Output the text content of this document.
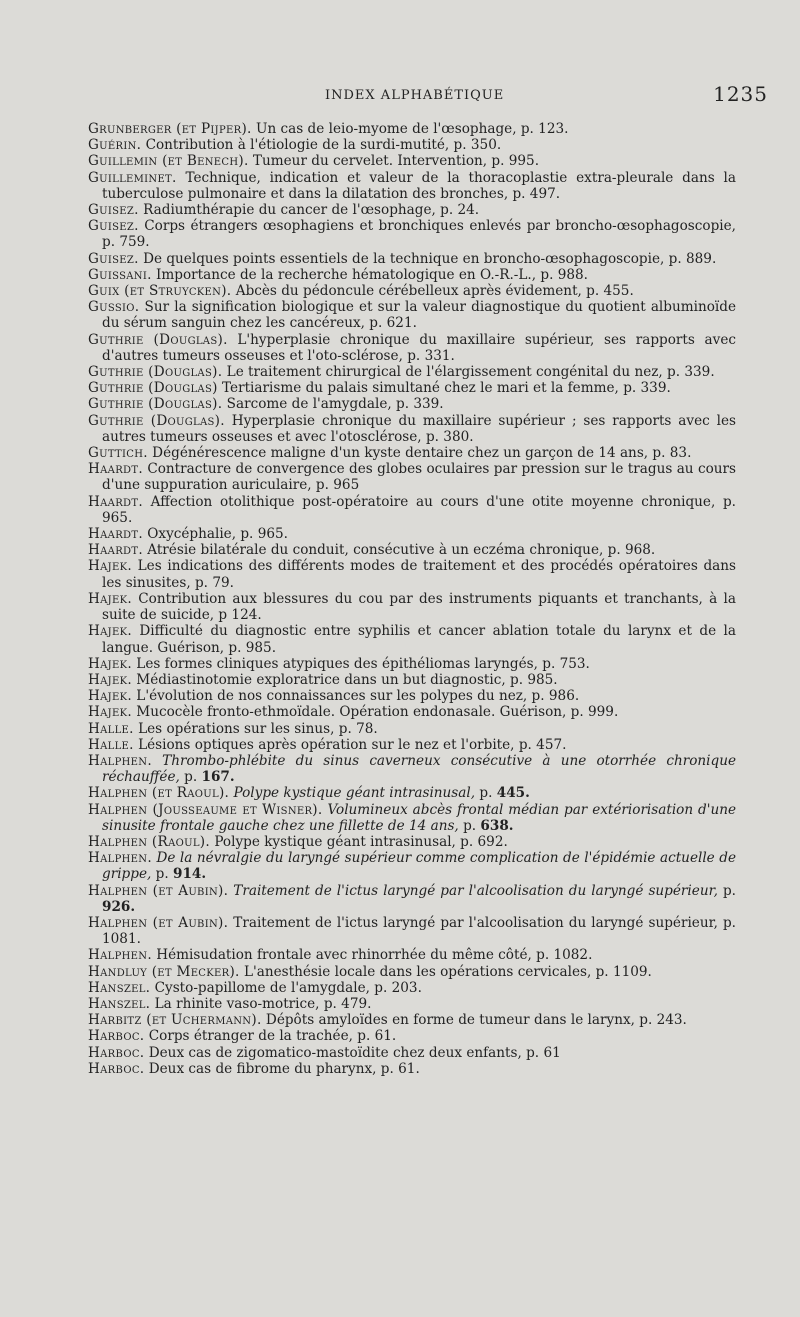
INDEX ALPHABÉTIQUE	1235

Grunberger (et Pijper). Un cas de leio-myome de l'œsophage, p. 123.

Guérin. Contribution à l'étiologie de la surdi-mutité, p. 350.

Guillemin (et Benech). Tumeur du cervelet. Intervention, p. 995.

Guilleminet. Technique, indication et valeur de la thoracoplastie extra-pleurale dans la tuberculose pulmonaire et dans la dilatation des bronches, p. 497.

Guisez. Radiumthérapie du cancer de l'œsophage, p. 24.

Guisez. Corps étrangers œsophagiens et bronchiques enlevés par broncho-œsophagoscopie, p. 759.

Guisez. De quelques points essentiels de la technique en broncho-œsophagoscopie, p. 889.

Guissani. Importance de la recherche hématologique en O.-R.-L., p. 988.

Guix (et Struycken). Abcès du pédoncule cérébelleux après évidement, p. 455.

Gussio. Sur la signification biologique et sur la valeur diagnostique du quotient albuminoïde du sérum sanguin chez les cancéreux, p. 621.

Guthrie (Douglas). L'hyperplasie chronique du maxillaire supérieur, ses rapports avec d'autres tumeurs osseuses et l'oto-sclérose, p. 331.

Guthrie (Douglas). Le traitement chirurgical de l'élargissement congénital du nez, p. 339.

Guthrie (Douglas) Tertiarisme du palais simultané chez le mari et la femme, p. 339.

Guthrie (Douglas). Sarcome de l'amygdale, p. 339.

Guthrie (Douglas). Hyperplasie chronique du maxillaire supérieur ; ses rapports avec les autres tumeurs osseuses et avec l'otosclérose, p. 380.

Guttich. Dégénérescence maligne d'un kyste dentaire chez un garçon de 14 ans, p. 83.

Haardt. Contracture de convergence des globes oculaires par pression sur le tragus au cours d'une suppuration auriculaire, p. 965

Haardt. Affection otolithique post-opératoire au cours d'une otite moyenne chronique, p. 965.

Haardt. Oxycéphalie, p. 965.

Haardt. Atrésie bilatérale du conduit, consécutive à un eczéma chronique, p. 968.

Hajek. Les indications des différents modes de traitement et des procédés opératoires dans les sinusites, p. 79.

Hajek. Contribution aux blessures du cou par des instruments piquants et tranchants, à la suite de suicide, p 124.

Hajek. Difficulté du diagnostic entre syphilis et cancer ablation totale du larynx et de la langue. Guérison, p. 985.

Hajek. Les formes cliniques atypiques des épithéliomas laryngés, p. 753.

Hajek. Médiastinotomie exploratrice dans un but diagnostic, p. 985.

Hajek. L'évolution de nos connaissances sur les polypes du nez, p. 986.

Hajek. Mucocèle fronto-ethmoïdale. Opération endonasale. Guérison, p. 999.

Halle. Les opérations sur les sinus, p. 78.

Halle. Lésions optiques après opération sur le nez et l'orbite, p. 457.

Halphen. Thrombo-phlébite du sinus caverneux consécutive à une otorrhée chronique réchauffée, p. 167.

Halphen (et Raoul). Polype kystique géant intrasinusal, p. 445.

Halphen (Jousseaume et Wisner). Volumineux abcès frontal médian par extériorisation d'une sinusite frontale gauche chez une fillette de 14 ans, p. 638.

Halphen (Raoul). Polype kystique géant intrasinusal, p. 692.

Halphen. De la névralgie du laryngé supérieur comme complication de l'épidémie actuelle de grippe, p. 914.

Halphen (et Aubin). Traitement de l'ictus laryngé par l'alcoolisation du laryngé supérieur, p. 926.

Halphen (et Aubin). Traitement de l'ictus laryngé par l'alcoolisation du laryngé supérieur, p. 1081.

Halphen. Hémisudation frontale avec rhinorrhée du même côté, p. 1082.

Handluy (et Mecker). L'anesthésie locale dans les opérations cervicales, p. 1109.

Hanszel. Cysto-papillome de l'amygdale, p. 203.

Hanszel. La rhinite vaso-motrice, p. 479.

Harbitz (et Uchermann). Dépôts amyloïdes en forme de tumeur dans le larynx, p. 243.

Harboc. Corps étranger de la trachée, p. 61.

Harboc. Deux cas de zigomatico-mastoïdite chez deux enfants, p. 61

Harboc. Deux cas de fibrome du pharynx, p. 61.
